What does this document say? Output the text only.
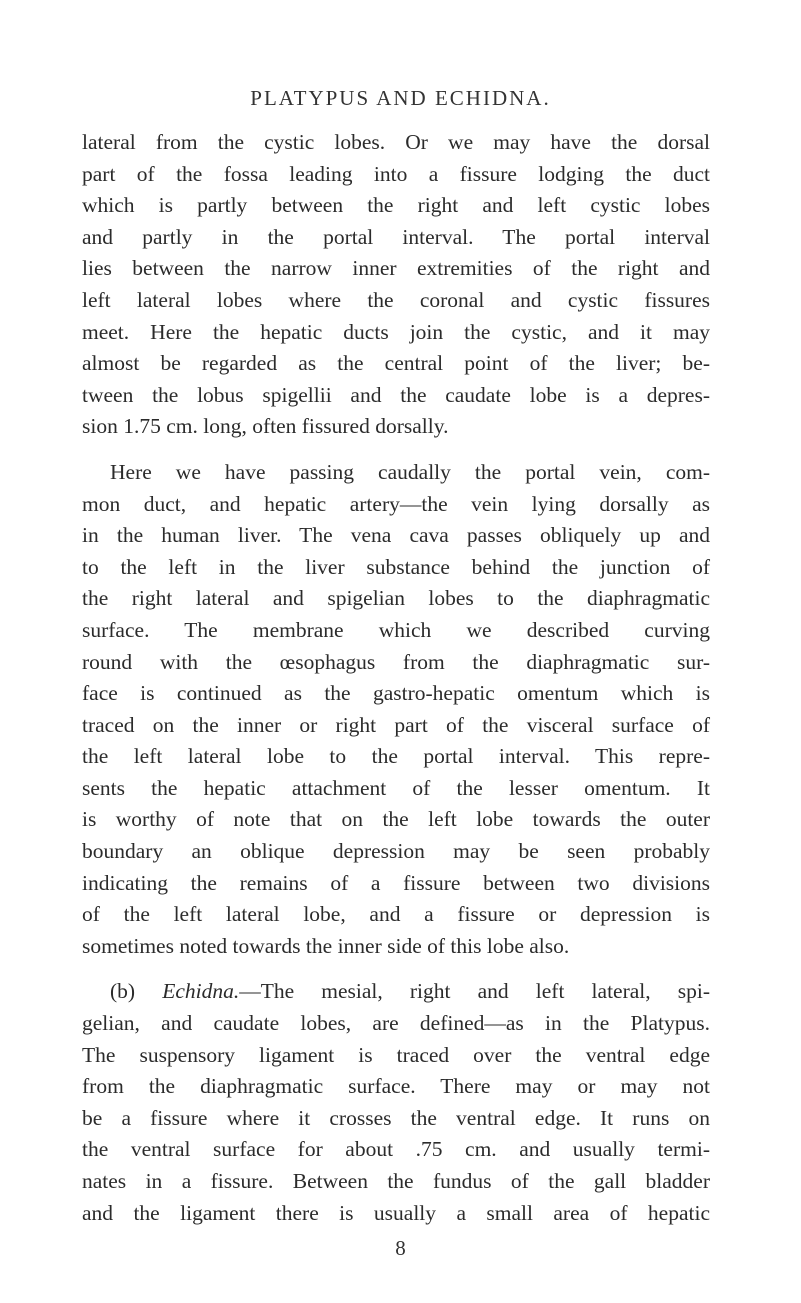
PLATYPUS AND ECHIDNA.

lateral from the cystic lobes. Or we may have the dorsal
part of the fossa leading into a fissure lodging the duct
which is partly between the right and left cystic lobes
and partly in the portal interval. The portal interval
lies between the narrow inner extremities of the right and
left lateral lobes where the coronal and cystic fissures
meet. Here the hepatic ducts join the cystic, and it may
almost be regarded as the central point of the liver; be-
tween the lobus spigellii and the caudate lobe is a depres-
sion 1.75 cm. long, often fissured dorsally.

Here we have passing caudally the portal vein, com-
mon duct, and hepatic artery—the vein lying dorsally as
in the human liver. The vena cava passes obliquely up and
to the left in the liver substance behind the junction of
the right lateral and spigelian lobes to the diaphragmatic
surface. The membrane which we described curving
round with the œsophagus from the diaphragmatic sur-
face is continued as the gastro-hepatic omentum which is
traced on the inner or right part of the visceral surface of
the left lateral lobe to the portal interval. This repre-
sents the hepatic attachment of the lesser omentum. It
is worthy of note that on the left lobe towards the outer
boundary an oblique depression may be seen probably
indicating the remains of a fissure between two divisions
of the left lateral lobe, and a fissure or depression is
sometimes noted towards the inner side of this lobe also.

(b) Echidna.—The mesial, right and left lateral, spi-
gelian, and caudate lobes, are defined—as in the Platypus.
The suspensory ligament is traced over the ventral edge
from the diaphragmatic surface. There may or may not
be a fissure where it crosses the ventral edge. It runs on
the ventral surface for about .75 cm. and usually termi-
nates in a fissure. Between the fundus of the gall bladder
and the ligament there is usually a small area of hepatic

8
